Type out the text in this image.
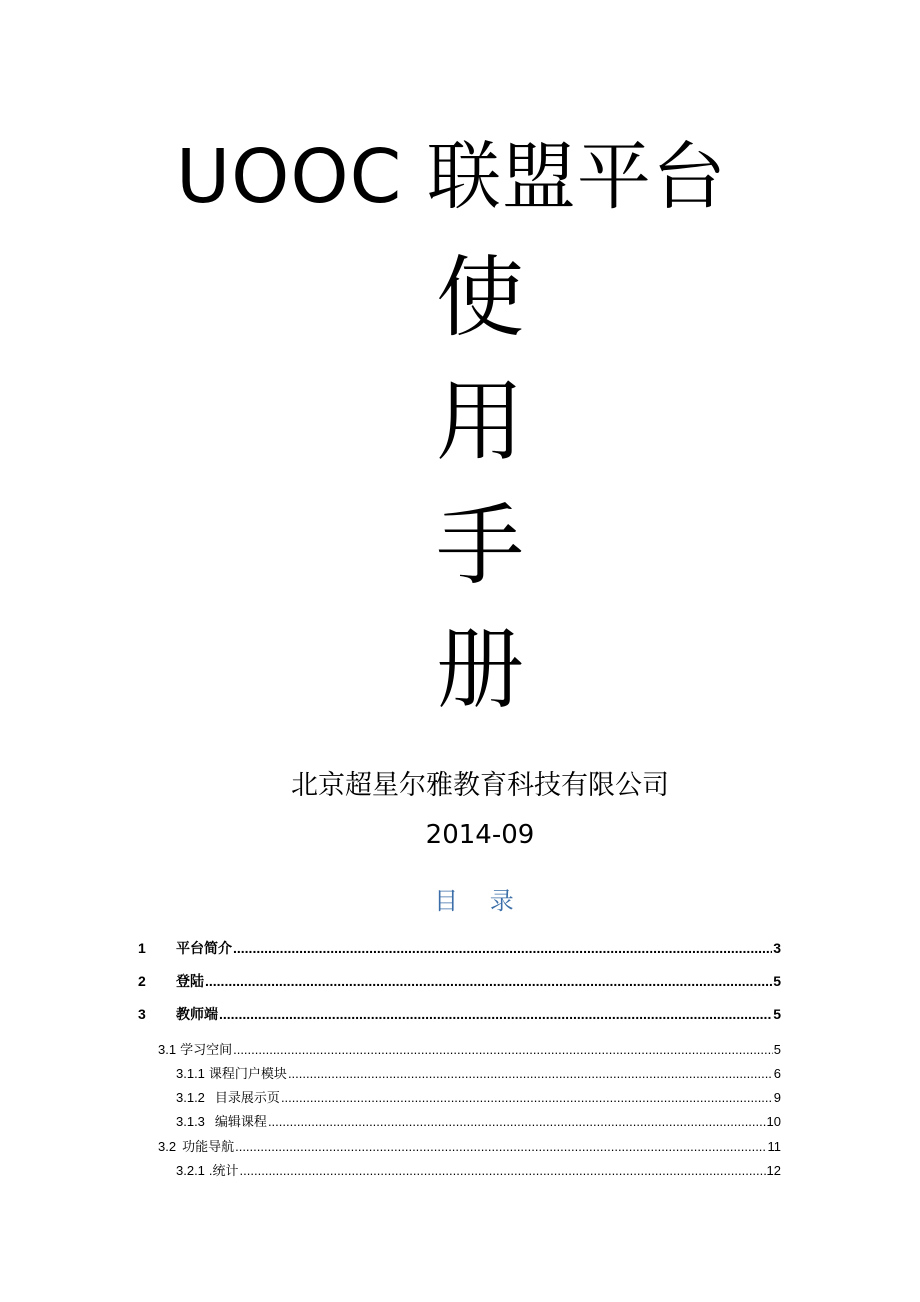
UOOC 联盟平台
使
用
手
册
北京超星尔雅教育科技有限公司
2014-09
目 录
1	平台简介 .....	3
2	登陆 .....	5
3	教师端 .....	5
3.1 学习空间 .....	5
3.1.1 课程门户模块 .....	6
3.1.2 目录展示页 .....	9
3.1.3 编辑课程 .....	10
3.2 功能导航 .....	11
3.2.1 .统计 .....	12
